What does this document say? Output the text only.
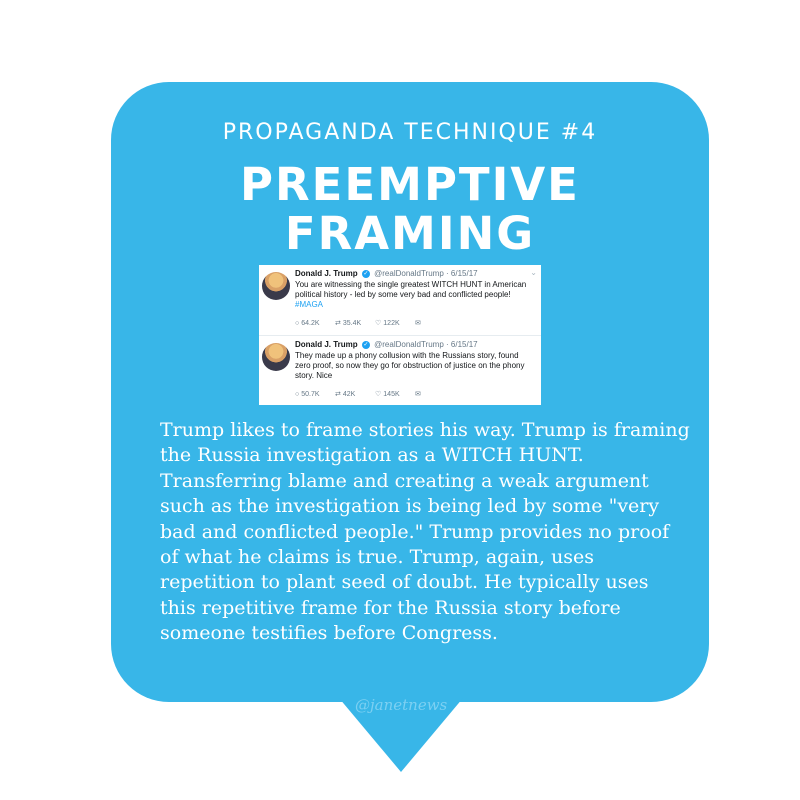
PROPAGANDA TECHNIQUE #4
PREEMPTIVE
FRAMING
Donald J. Trump ✓ @realDonaldTrump · 6/15/17	⌄
You are witnessing the single greatest WITCH HUNT in American political history - led by some very bad and conflicted people! #MAGA
○ 64.2K ⇄ 35.4K ♡ 122K ✉
Donald J. Trump ✓ @realDonaldTrump · 6/15/17
They made up a phony collusion with the Russians story, found zero proof, so now they go for obstruction of justice on the phony story. Nice
○ 50.7K ⇄ 42K	♡ 145K ✉
Trump likes to frame stories his way. Trump is framing the Russia investigation as a WITCH HUNT. Transferring blame and creating a weak argument such as the investigation is being led by some "very bad and conflicted people." Trump provides no proof of what he claims is true. Trump, again, uses repetition to plant seed of doubt. He typically uses this repetitive frame for the Russia story before someone testifies before Congress.
@janetnews
